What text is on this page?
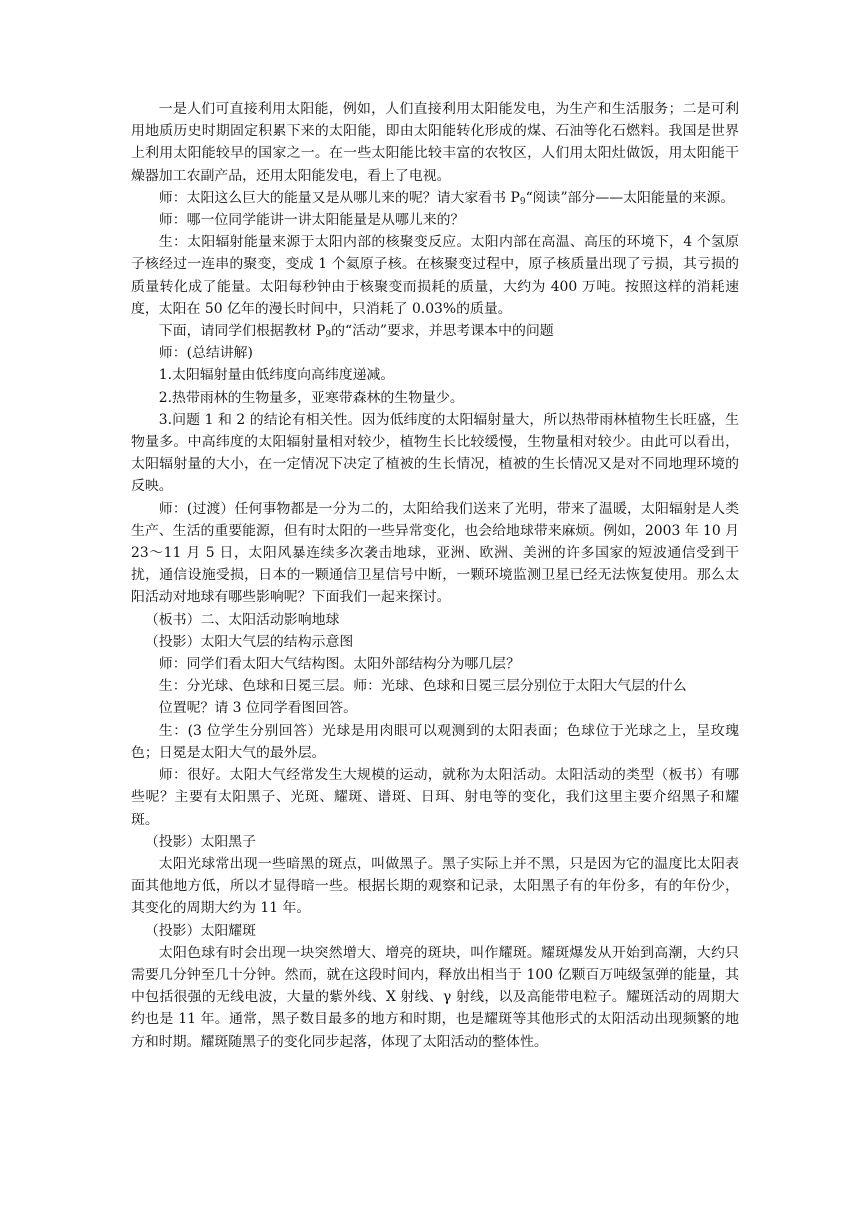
一是人们可直接利用太阳能，例如，人们直接利用太阳能发电，为生产和生活服务；二是可利用地质历史时期固定积累下来的太阳能，即由太阳能转化形成的煤、石油等化石燃料。我国是世界上利用太阳能较早的国家之一。在一些太阳能比较丰富的农牧区，人们用太阳灶做饭，用太阳能干燥器加工农副产品，还用太阳能发电，看上了电视。

师：太阳这么巨大的能量又是从哪儿来的呢？请大家看书 $P_9“$阅读”部分——太阳能量的来源。

师：哪一位同学能讲一讲太阳能量是从哪儿来的？

生：太阳辐射能量来源于太阳内部的核聚变反应。太阳内部在高温、高压的环境下，4 个氢原子核经过一连串的聚变，变成 1 个氦原子核。在核聚变过程中，原子核质量出现了亏损，其亏损的质量转化成了能量。太阳每秒钟由于核聚变而损耗的质量，大约为 400 万吨。按照这样的消耗速度，太阳在 50 亿年的漫长时间中，只消耗了 0.03%的质量。

下面，请同学们根据教材 $P_9$的“活动”要求，并思考课本中的问题

师：(总结讲解)

1.太阳辐射量由低纬度向高纬度递减。

2.热带雨林的生物量多，亚寒带森林的生物量少。

3.问题 1 和 2 的结论有相关性。因为低纬度的太阳辐射量大，所以热带雨林植物生长旺盛，生物量多。中高纬度的太阳辐射量相对较少，植物生长比较缓慢，生物量相对较少。由此可以看出，太阳辐射量的大小，在一定情况下决定了植被的生长情况，植被的生长情况又是对不同地理环境的反映。

师：(过渡）任何事物都是一分为二的，太阳给我们送来了光明，带来了温暖，太阳辐射是人类生产、生活的重要能源，但有时太阳的一些异常变化，也会给地球带来麻烦。例如，2003 年 10 月 23～11 月 5 日，太阳风暴连续多次袭击地球，亚洲、欧洲、美洲的许多国家的短波通信受到干扰，通信设施受损，日本的一颗通信卫星信号中断，一颗环境监测卫星已经无法恢复使用。那么太阳活动对地球有哪些影响呢？下面我们一起来探讨。

（板书）二、太阳活动影响地球

（投影）太阳大气层的结构示意图

师：同学们看太阳大气结构图。太阳外部结构分为哪几层？

生：分光球、色球和日冕三层。师：光球、色球和日冕三层分别位于太阳大气层的什么

位置呢？请 3 位同学看图回答。

生：(3 位学生分别回答）光球是用肉眼可以观测到的太阳表面；色球位于光球之上，呈玫瑰色；日冕是太阳大气的最外层。

师：很好。太阳大气经常发生大规模的运动，就称为太阳活动。太阳活动的类型（板书）有哪些呢？主要有太阳黑子、光斑、耀斑、谱斑、日珥、射电等的变化，我们这里主要介绍黑子和耀斑。

（投影）太阳黑子

太阳光球常出现一些暗黑的斑点，叫做黑子。黑子实际上并不黑，只是因为它的温度比太阳表面其他地方低，所以才显得暗一些。根据长期的观察和记录，太阳黑子有的年份多，有的年份少，其变化的周期大约为 11 年。

（投影）太阳耀斑

太阳色球有时会出现一块突然增大、增亮的斑块，叫作耀斑。耀斑爆发从开始到高潮，大约只需要几分钟至几十分钟。然而，就在这段时间内，释放出相当于 100 亿颗百万吨级氢弹的能量，其中包括很强的无线电波，大量的紫外线、X 射线、γ 射线，以及高能带电粒子。耀斑活动的周期大约也是 11 年。通常，黑子数目最多的地方和时期，也是耀斑等其他形式的太阳活动出现频繁的地方和时期。耀斑随黑子的变化同步起落，体现了太阳活动的整体性。
